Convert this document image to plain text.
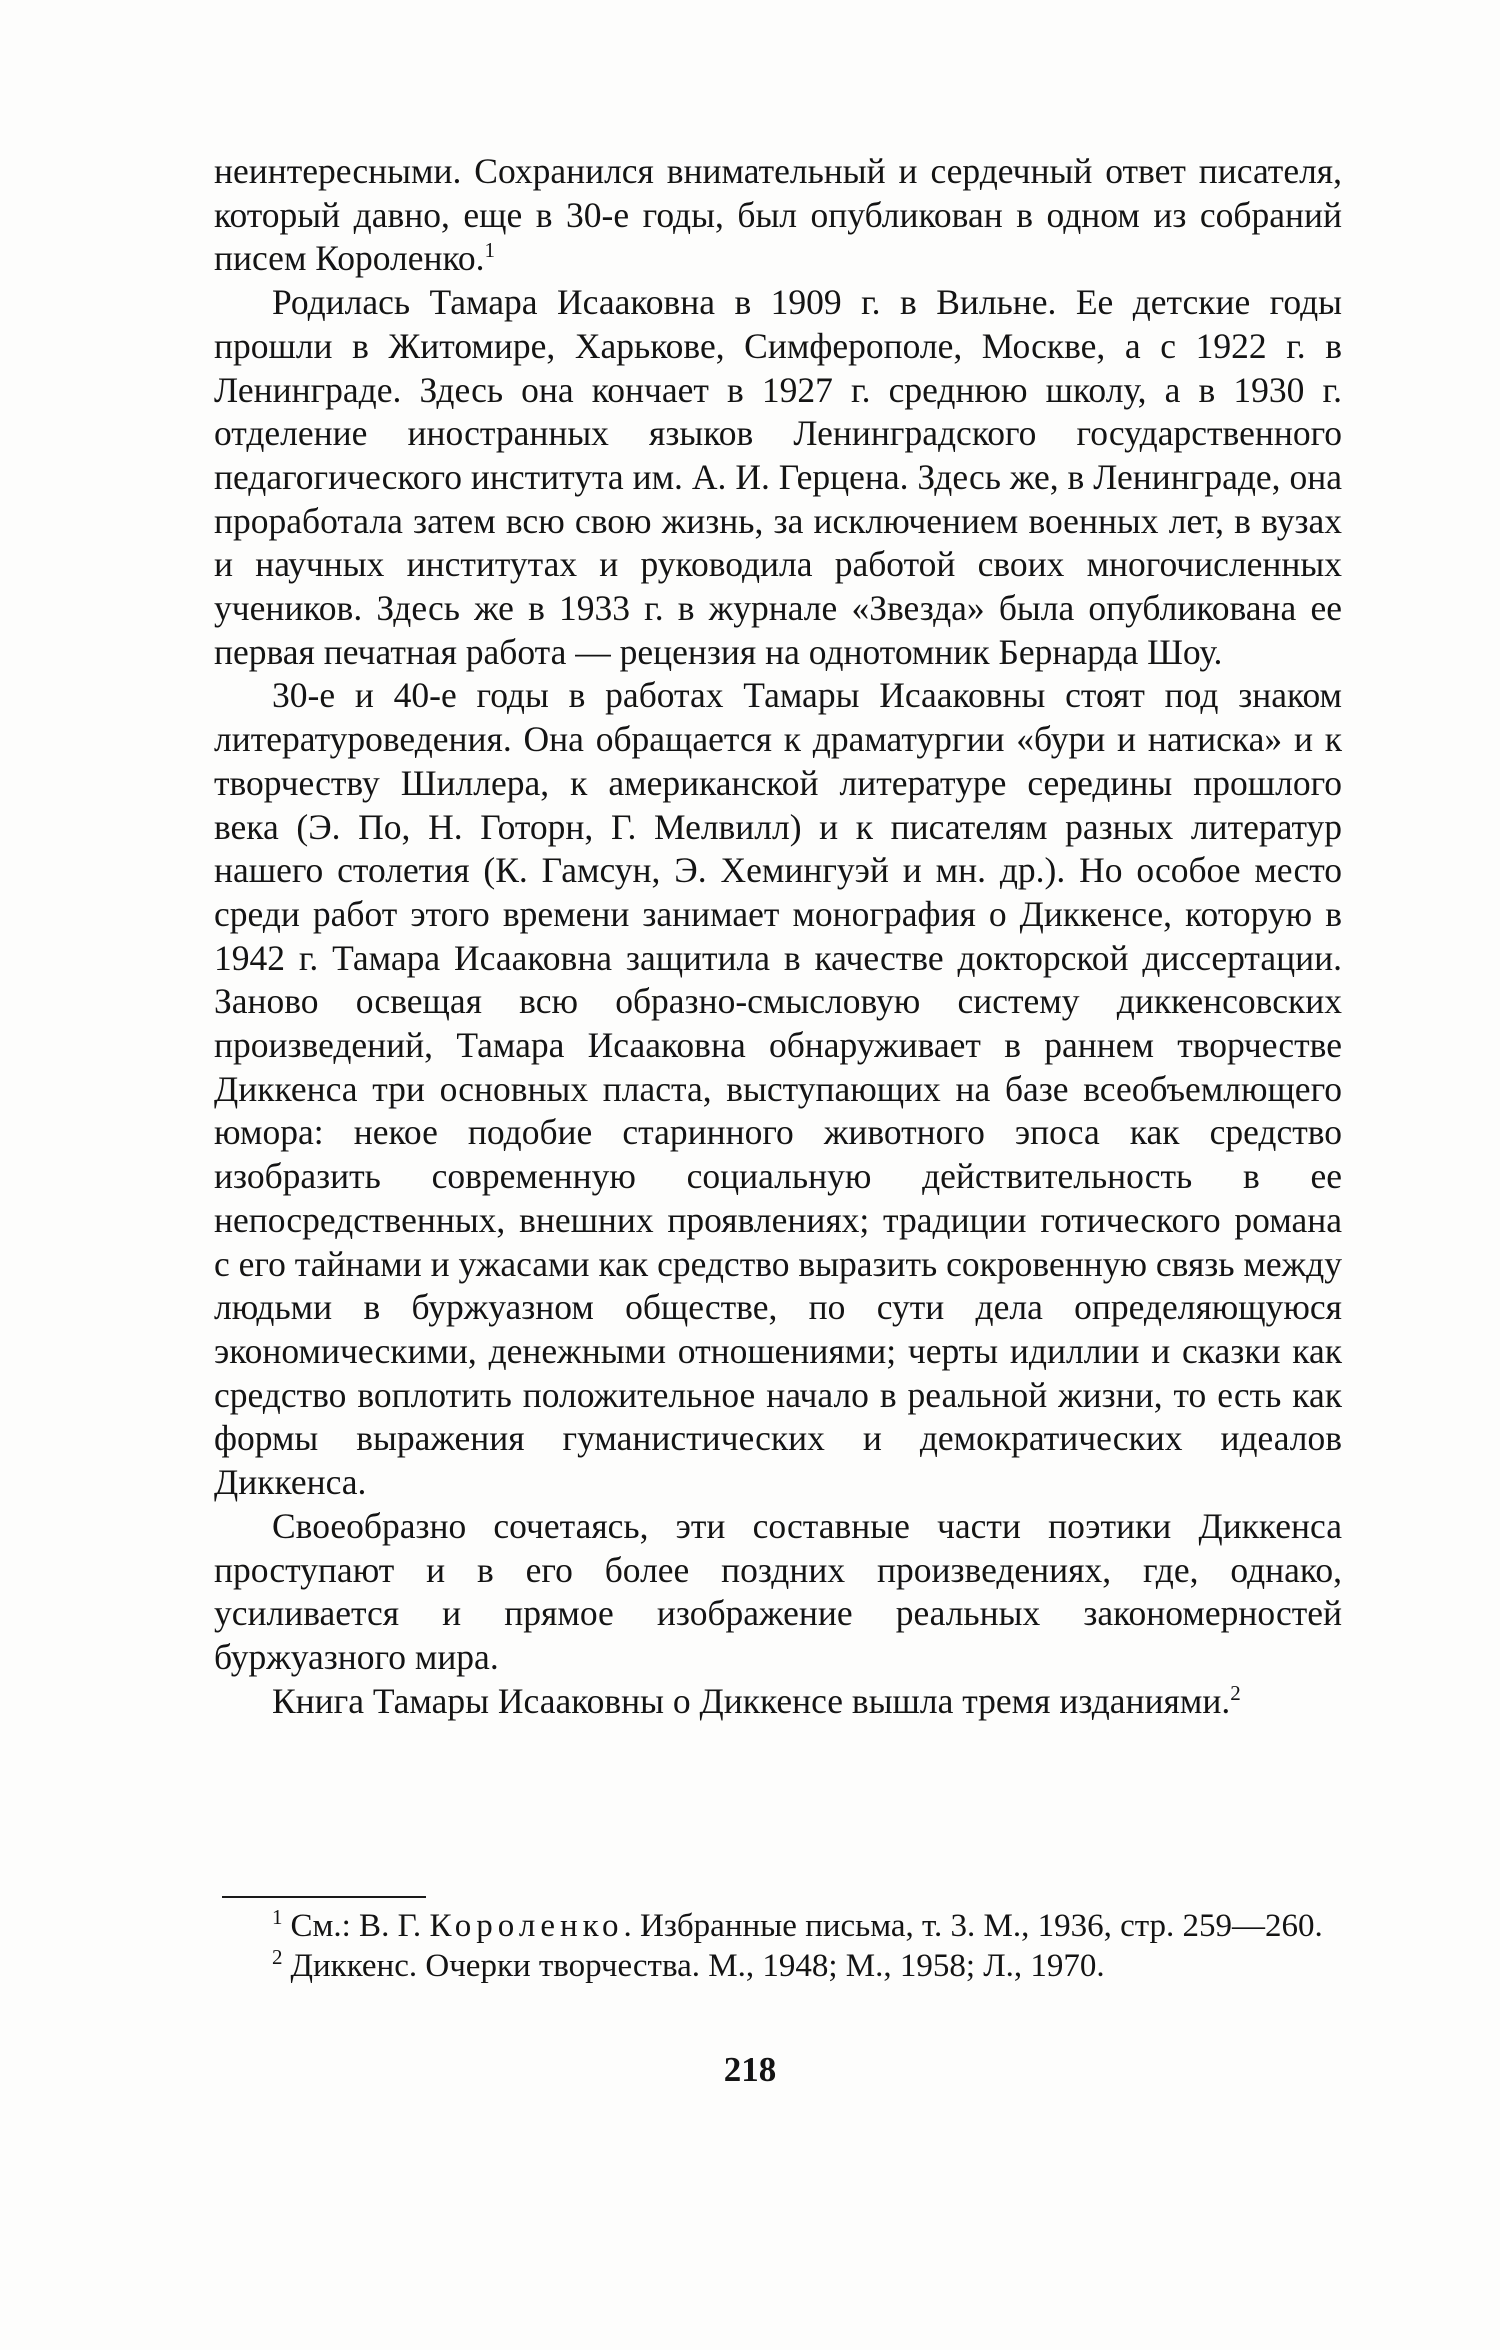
неинтересными. Сохранился внимательный и сердечный ответ писателя, который давно, еще в 30-е годы, был опубликован в одном из собраний писем Короленко.$^1$

Родилась Тамара Исааковна в 1909 г. в Вильне. Ее детские годы прошли в Житомире, Харькове, Симферополе, Москве, а с 1922 г. в Ленинграде. Здесь она кончает в 1927 г. среднюю школу, а в 1930 г. отделение иностранных языков Ленинградского государственного педагогического института им. А. И. Герцена. Здесь же, в Ленинграде, она проработала затем всю свою жизнь, за исключением военных лет, в вузах и научных институтах и руководила работой своих многочисленных учеников. Здесь же в 1933 г. в журнале «Звезда» была опубликована ее первая печатная работа — рецензия на однотомник Бернарда Шоу.

30-е и 40-е годы в работах Тамары Исааковны стоят под знаком литературоведения. Она обращается к драматургии «бури и натиска» и к творчеству Шиллера, к американской литературе середины прошлого века (Э. По, Н. Готорн, Г. Мелвилл) и к писателям разных литератур нашего столетия (К. Гамсун, Э. Хемингуэй и мн. др.). Но особое место среди работ этого времени занимает монография о Диккенсе, которую в 1942 г. Тамара Исааковна защитила в качестве докторской диссертации. Заново освещая всю образно-смысловую систему диккенсовских произведений, Тамара Исааковна обнаруживает в раннем творчестве Диккенса три основных пласта, выступающих на базе всеобъемлющего юмора: некое подобие старинного животного эпоса как средство изобразить современную социальную действительность в ее непосредственных, внешних проявлениях; традиции готического романа с его тайнами и ужасами как средство выразить сокровенную связь между людьми в буржуазном обществе, по сути дела определяющуюся экономическими, денежными отношениями; черты идиллии и сказки как средство воплотить положительное начало в реальной жизни, то есть как формы выражения гуманистических и демократических идеалов Диккенса.

Своеобразно сочетаясь, эти составные части поэтики Диккенса проступают и в его более поздних произведениях, где, однако, усиливается и прямое изображение реальных закономерностей буржуазного мира.

Книга Тамары Исааковны о Диккенсе вышла тремя изданиями.$^2$

$^1$ См.: В. Г. Короленко. Избранные письма, т. 3. М., 1936, стр. 259—260.

$^2$ Диккенс. Очерки творчества. М., 1948; М., 1958; Л., 1970.

218
